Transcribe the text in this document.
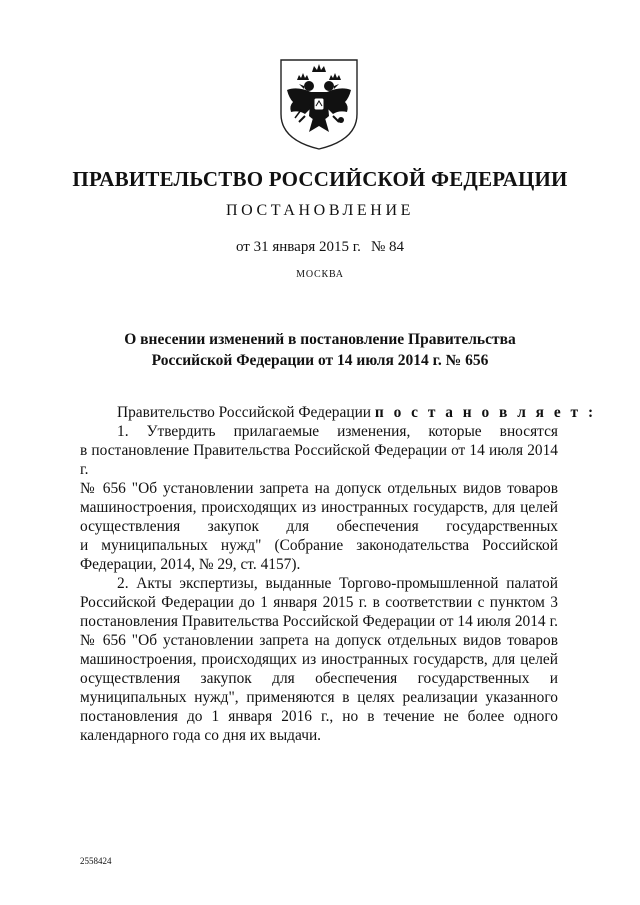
ПРАВИТЕЛЬСТВО РОССИЙСКОЙ ФЕДЕРАЦИИ
ПОСТАНОВЛЕНИЕ
от 31 января 2015 г. № 84
МОСКВА
О внесении изменений в постановление Правительства
Российской Федерации от 14 июля 2014 г. № 656
Правительство Российской Федерации п о с т а н о в л я е т :
1. Утвердить прилагаемые изменения, которые вносятся
в постановление Правительства Российской Федерации от 14 июля 2014 г.
№ 656 "Об установлении запрета на допуск отдельных видов товаров
машиностроения, происходящих из иностранных государств, для целей
осуществления закупок для обеспечения государственных
и муниципальных нужд" (Собрание законодательства Российской
Федерации, 2014, № 29, ст. 4157).
2. Акты экспертизы, выданные Торгово-промышленной палатой
Российской Федерации до 1 января 2015 г. в соответствии с пунктом 3
постановления Правительства Российской Федерации от 14 июля 2014 г.
№ 656 "Об установлении запрета на допуск отдельных видов товаров
машиностроения, происходящих из иностранных государств, для целей
осуществления закупок для обеспечения государственных и
муниципальных нужд", применяются в целях реализации указанного
постановления до 1 января 2016 г., но в течение не более одного
календарного года со дня их выдачи.
2558424
